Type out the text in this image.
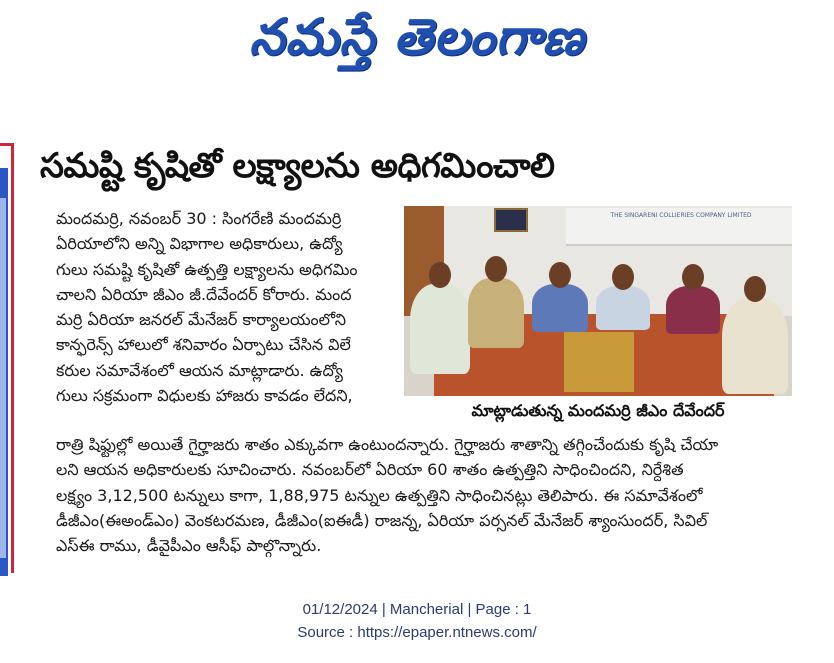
నమస్తే తెలంగాణ
సమష్టి కృషితో లక్ష్యాలను అధిగమించాలి
మందమర్రి, నవంబర్ 30 : సింగరేణి మందమర్రి
ఏరియాలోని అన్ని విభాగాల అధికారులు, ఉద్యో
గులు సమష్టి కృషితో ఉత్పత్తి లక్ష్యాలను అధిగమిం
చాలని ఏరియా జీఎం జీ.దేవేందర్ కోరారు. మంద
మర్రి ఏరియా జనరల్ మేనేజర్ కార్యాలయంలోని
కాన్ఫరెన్స్ హాలులో శనివారం ఏర్పాటు చేసిన విలే
కరుల సమావేశంలో ఆయన మాట్లాడారు. ఉద్యో
గులు సక్రమంగా విధులకు హాజరు కావడం లేదని,
THE SINGARENI COLLIERIES COMPANY LIMITED
మాట్లాడుతున్న మందమర్రి జీఎం దేవేందర్
రాత్రి షిఫ్టుల్లో అయితే గైర్హాజరు శాతం ఎక్కువగా ఉంటుందన్నారు. గైర్హాజరు శాతాన్ని తగ్గించేందుకు కృషి చేయా
లని ఆయన అధికారులకు సూచించారు. నవంబర్‌లో ఏరియా 60 శాతం ఉత్పత్తిని సాధించిందని, నిర్దేశిత
లక్ష్యం 3,12,500 టన్నులు కాగా, 1,88,975 టన్నుల ఉత్పత్తిని సాధించినట్లు తెలిపారు. ఈ సమావేశంలో
డీజీఎం(ఈఅండ్ఎం) వెంకటరమణ, డీజీఎం(ఐఈడీ) రాజన్న, ఏరియా పర్సనల్ మేనేజర్ శ్యాంసుందర్, సివిల్
ఎస్ఈ రాము, డీవైపీఎం ఆసీఫ్ పాల్గొన్నారు.
01/12/2024 | Mancherial | Page : 1
Source : https://epaper.ntnews.com/
